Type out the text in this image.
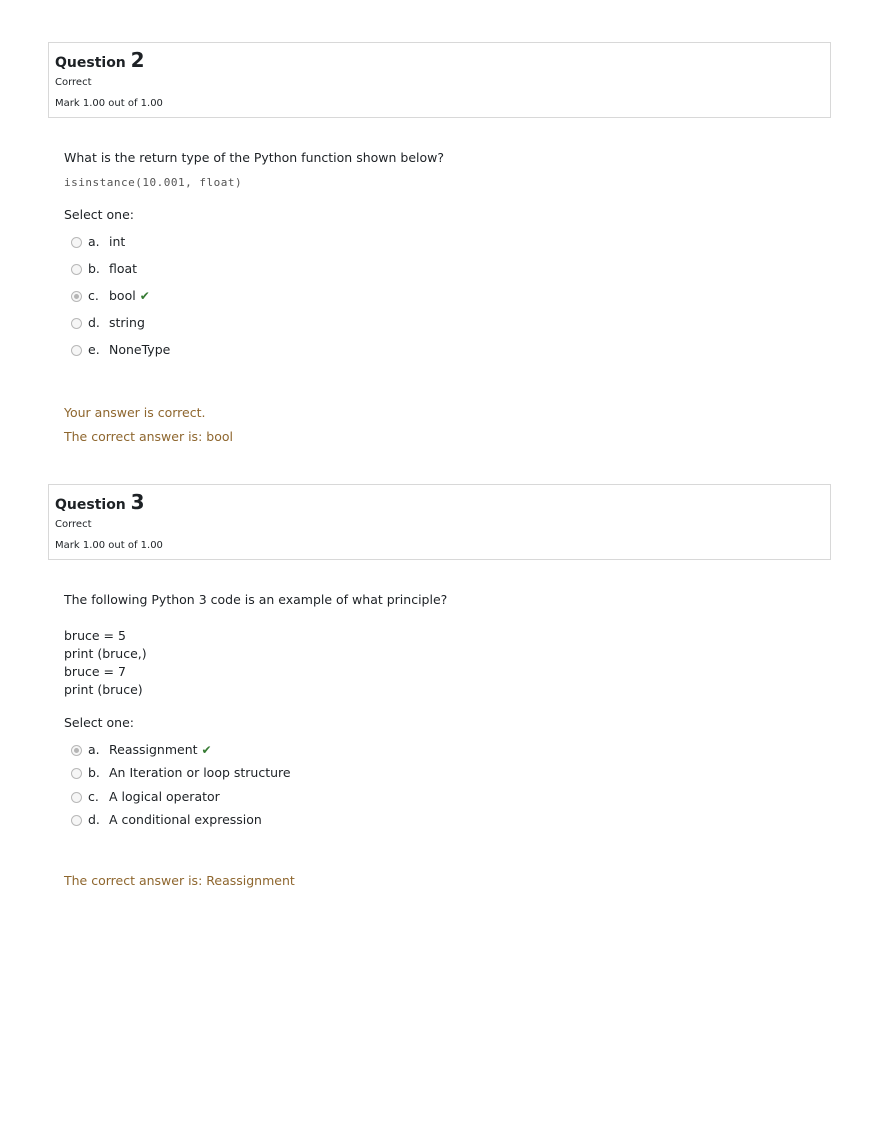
Question 2
Correct
Mark 1.00 out of 1.00
What is the return type of the Python function shown below?
isinstance(10.001, float)
Select one:
a. int
b. float
c. bool ✔
d. string
e. NoneType
Your answer is correct.
The correct answer is: bool
Question 3
Correct
Mark 1.00 out of 1.00
The following Python 3 code is an example of what principle?
bruce = 5
print (bruce,)
bruce = 7
print (bruce)
Select one:
a. Reassignment ✔
b. An Iteration or loop structure
c. A logical operator
d. A conditional expression
The correct answer is: Reassignment
